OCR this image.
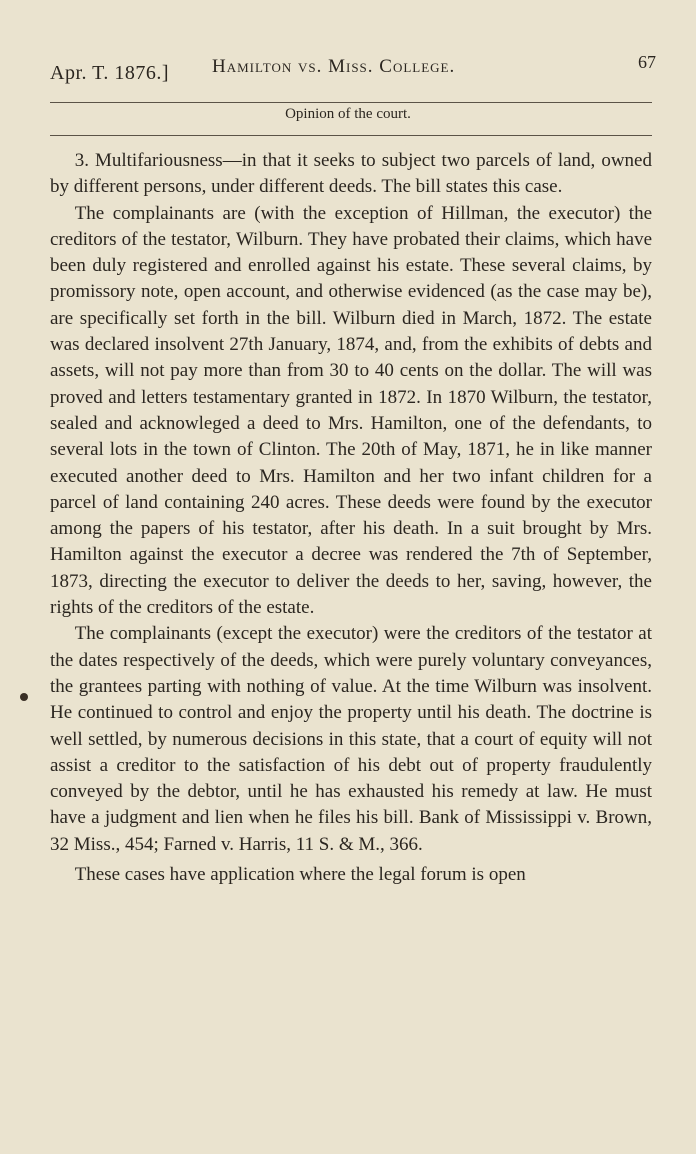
Apr. T. 1876.] Hamilton vs. Miss. College.	67
Opinion of the court.

3. Multifariousness—in that it seeks to subject two parcels of land, owned by different persons, under different deeds. The bill states this case.

The complainants are (with the exception of Hillman, the executor) the creditors of the testator, Wilburn. They have probated their claims, which have been duly registered and enrolled against his estate. These several claims, by promissory note, open account, and otherwise evidenced (as the case may be), are specifically set forth in the bill. Wilburn died in March, 1872. The estate was declared insolvent 27th January, 1874, and, from the exhibits of debts and assets, will not pay more than from 30 to 40 cents on the dollar. The will was proved and letters testamentary granted in 1872. In 1870 Wilburn, the testator, sealed and acknowleged a deed to Mrs. Hamilton, one of the defendants, to several lots in the town of Clinton. The 20th of May, 1871, he in like manner executed another deed to Mrs. Hamilton and her two infant children for a parcel of land containing 240 acres. These deeds were found by the executor among the papers of his testator, after his death. In a suit brought by Mrs. Hamilton against the executor a decree was rendered the 7th of September, 1873, directing the executor to deliver the deeds to her, saving, however, the rights of the creditors of the estate.

The complainants (except the executor) were the creditors of the testator at the dates respectively of the deeds, which were purely voluntary conveyances, the grantees parting with nothing of value. At the time Wilburn was insolvent. He continued to control and enjoy the property until his death. The doctrine is well settled, by numerous decisions in this state, that a court of equity will not assist a creditor to the satisfaction of his debt out of property fraudulently conveyed by the debtor, until he has exhausted his remedy at law. He must have a judgment and lien when he files his bill. Bank of Mississippi v. Brown, 32 Miss., 454; Farned v. Harris, 11 S. & M., 366.

These cases have application where the legal forum is open
